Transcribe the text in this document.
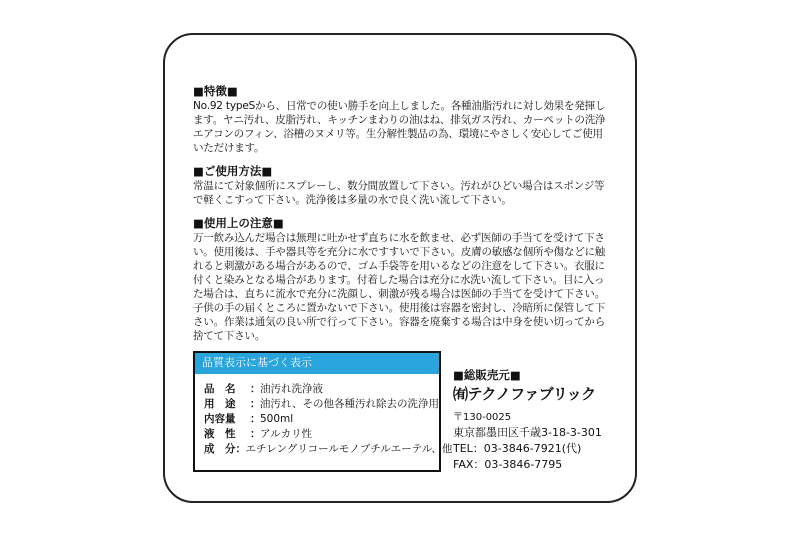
■特徴■
No.92 typeSから、日常での使い勝手を向上しました。各種油脂汚れに対し効果を発揮します。ヤニ汚れ、皮脂汚れ、キッチンまわりの油はね、排気ガス汚れ、カーペットの洗浄エアコンのフィン、浴槽のヌメリ等。生分解性製品の為、環境にやさしく安心してご使用いただけます。
■ご使用方法■
常温にて対象個所にスプレーし、数分間放置して下さい。汚れがひどい場合はスポンジ等で軽くこすって下さい。洗浄後は多量の水で良く洗い流して下さい。
■使用上の注意■
万一飲み込んだ場合は無理に吐かせず直ちに水を飲ませ、必ず医師の手当てを受けて下さい。使用後は、手や器具等を充分に水ですすいで下さい。皮膚の敏感な個所や傷などに触れると刺激がある場合があるので、ゴム手袋等を用いるなどの注意をして下さい。衣服に付くと染みとなる場合があります。付着した場合は充分に水洗い流して下さい。目に入った場合は、直ちに流水で充分に洗顔し、刺激が残る場合は医師の手当てを受けて下さい。子供の手の届くところに置かないで下さい。使用後は容器を密封し、冷暗所に保管して下さい。作業は通気の良い所で行って下さい。容器を廃棄する場合は中身を使い切ってから捨てて下さい。
品質表示に基づく表示
品　名	： 油汚れ洗浄液
用　途	： 油汚れ、その他各種汚れ除去の洗浄用
内容量	： 500ml
液　性	： アルカリ性
成　分 ： エチレングリコールモノブチルエーテル、他
■総販売元■
㈲テクノファブリック
〒130-0025
東京都墨田区千歳3-18-3-301
TEL：03-3846-7921(代)
FAX：03-3846-7795
